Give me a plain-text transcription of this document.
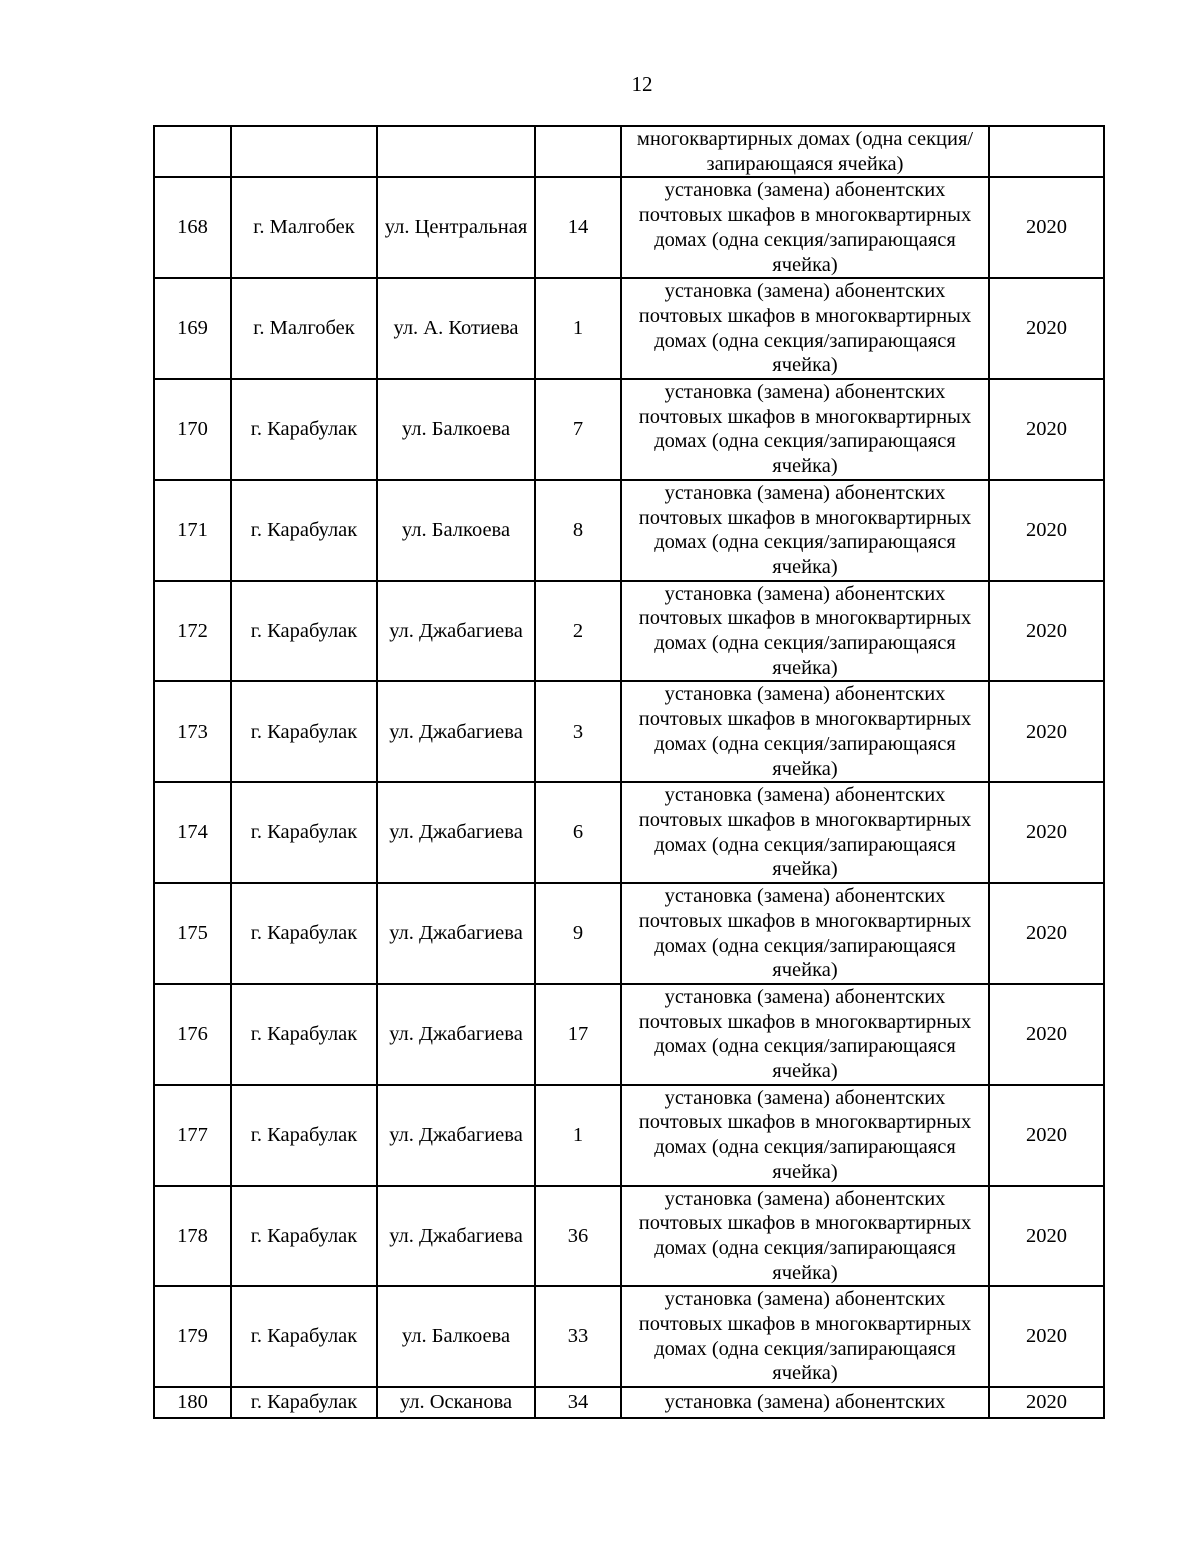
12

				многоквартирных домах (одна секция/запирающаяся ячейка)	

168	г. Малгобек	ул. Центральная	14	установка (замена) абонентских почтовых шкафов в многоквартирных домах (одна секция/запирающаяся ячейка)	2020

169	г. Малгобек	ул. А. Котиева	1	установка (замена) абонентских почтовых шкафов в многоквартирных домах (одна секция/запирающаяся ячейка)	2020

170	г. Карабулак	ул. Балкоева	7	установка (замена) абонентских почтовых шкафов в многоквартирных домах (одна секция/запирающаяся ячейка)	2020

171	г. Карабулак	ул. Балкоева	8	установка (замена) абонентских почтовых шкафов в многоквартирных домах (одна секция/запирающаяся ячейка)	2020

172	г. Карабулак	ул. Джабагиева	2	установка (замена) абонентских почтовых шкафов в многоквартирных домах (одна секция/запирающаяся ячейка)	2020

173	г. Карабулак	ул. Джабагиева	3	установка (замена) абонентских почтовых шкафов в многоквартирных домах (одна секция/запирающаяся ячейка)	2020

174	г. Карабулак	ул. Джабагиева	6	установка (замена) абонентских почтовых шкафов в многоквартирных домах (одна секция/запирающаяся ячейка)	2020

175	г. Карабулак	ул. Джабагиева	9	установка (замена) абонентских почтовых шкафов в многоквартирных домах (одна секция/запирающаяся ячейка)	2020

176	г. Карабулак	ул. Джабагиева	17	установка (замена) абонентских почтовых шкафов в многоквартирных домах (одна секция/запирающаяся ячейка)	2020

177	г. Карабулак	ул. Джабагиева	1	установка (замена) абонентских почтовых шкафов в многоквартирных домах (одна секция/запирающаяся ячейка)	2020

178	г. Карабулак	ул. Джабагиева	36	установка (замена) абонентских почтовых шкафов в многоквартирных домах (одна секция/запирающаяся ячейка)	2020

179	г. Карабулак	ул. Балкоева	33	установка (замена) абонентских почтовых шкафов в многоквартирных домах (одна секция/запирающаяся ячейка)	2020

180	г. Карабулак	ул. Осканова	34	установка (замена) абонентских	2020
